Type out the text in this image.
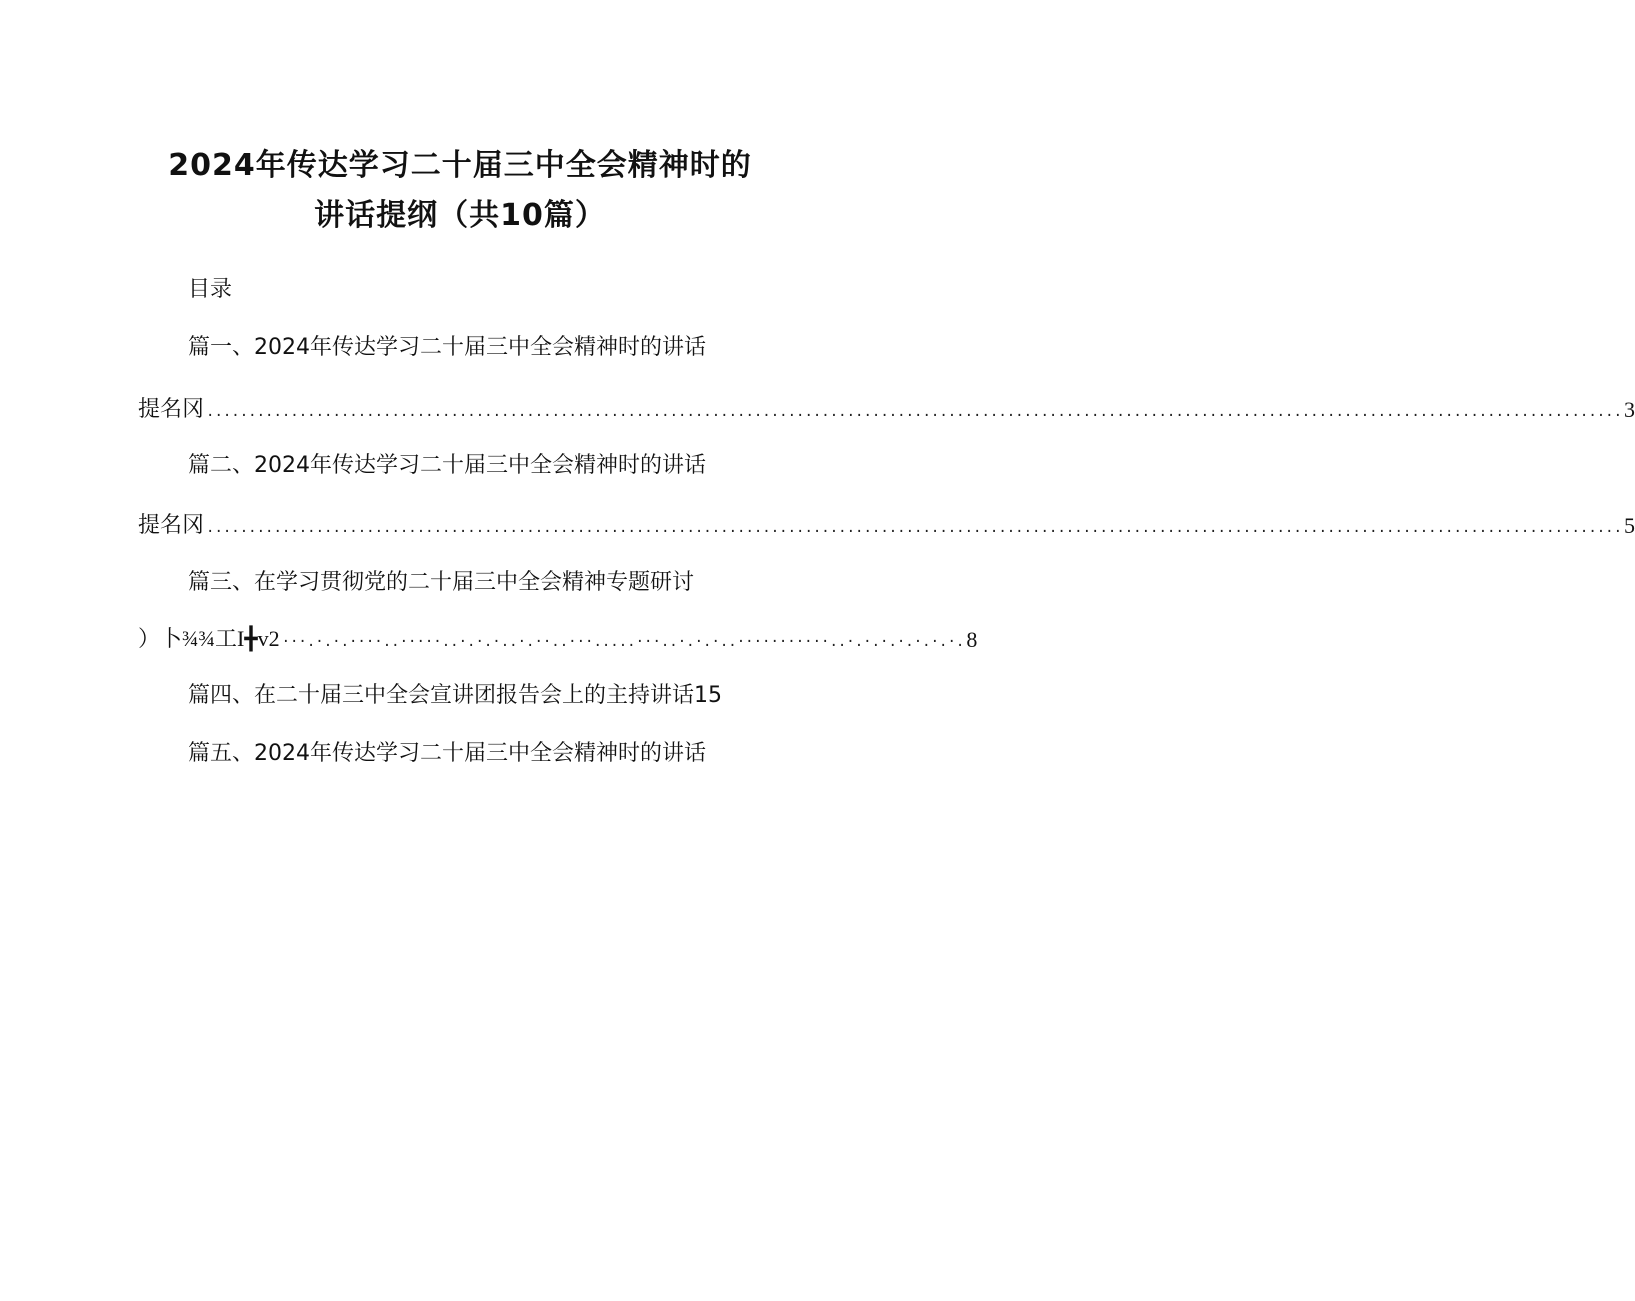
2024年传达学习二十届三中全会精神时的
讲话提纲（共10篇）
目录
篇一、2024年传达学习二十届三中全会精神时的讲话
提名冈 ........................................................................................................................................................................ 3
篇二、2024年传达学习二十届三中全会精神时的讲话
提名冈 ........................................................................................................................................................................ 5
篇三、在学习贯彻党的二十届三中全会精神专题研讨
）卜¾¾工I╋v2 ···.·.·.····..·····..·.·.·..·.··..···.....···..·.·.·..···········..·.·.·.·.·.·.·. 8
篇四、在二十届三中全会宣讲团报告会上的主持讲话15
篇五、2024年传达学习二十届三中全会精神时的讲话
